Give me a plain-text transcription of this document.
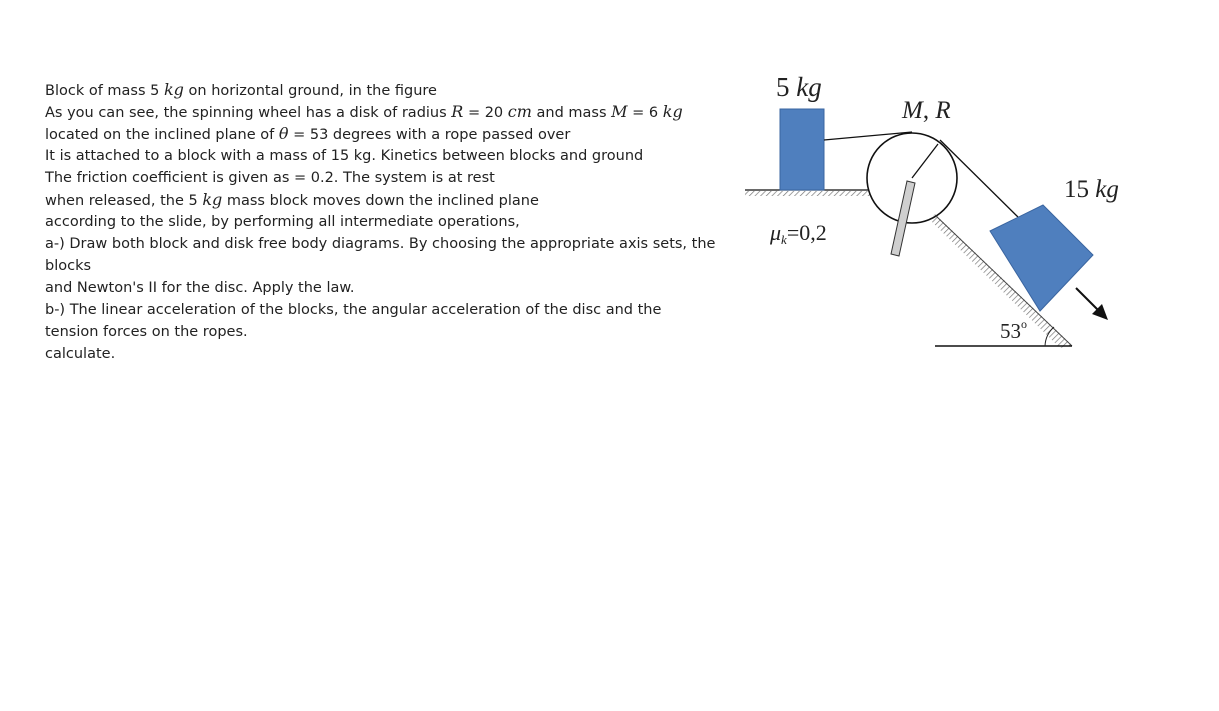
Block of mass 5 kg on horizontal ground, in the figure
As you can see, the spinning wheel has a disk of radius R = 20 cm and mass M = 6 kg
located on the inclined plane of θ = 53 degrees with a rope passed over
It is attached to a block with a mass of 15 kg. Kinetics between blocks and ground
The friction coefficient is given as = 0.2. The system is at rest
when released, the 5 kg mass block moves down the inclined plane
according to the slide, by performing all intermediate operations,
a-) Draw both block and disk free body diagrams. By choosing the appropriate axis sets, the
blocks
and Newton's II for the disc. Apply the law.
b-) The linear acceleration of the blocks, the angular acceleration of the disc and the
tension forces on the ropes.
calculate.
5 kg
M, R
15 kg
μk=0,2
53$^o$
